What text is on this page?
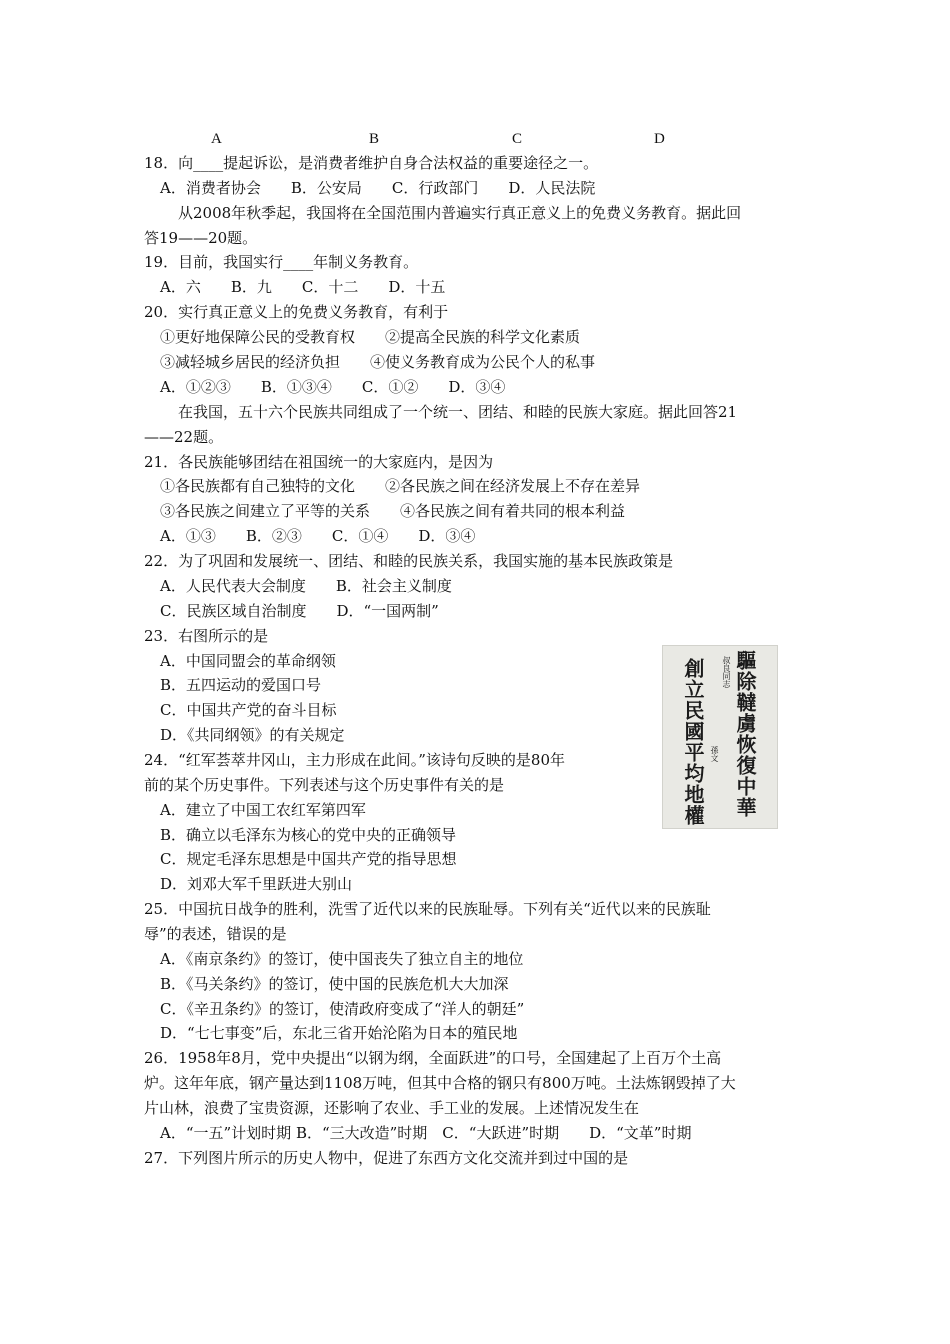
A

	B

	C

	D

18．向____提起诉讼，是消费者维护自身合法权益的重要途径之一。
A．消费者协会　　B．公安局　　C．行政部门　　D．人民法院
从2008年秋季起，我国将在全国范围内普遍实行真正意义上的免费义务教育。据此回
答19——20题。
19．目前，我国实行____年制义务教育。
A．六　　B．九　　C．十二　　D．十五
20．实行真正意义上的免费义务教育，有利于
①更好地保障公民的受教育权　　②提高全民族的科学文化素质
③减轻城乡居民的经济负担　　④使义务教育成为公民个人的私事
A．①②③　　B．①③④　　C．①②　　D．③④
在我国，五十六个民族共同组成了一个统一、团结、和睦的民族大家庭。据此回答21
——22题。
21．各民族能够团结在祖国统一的大家庭内，是因为
①各民族都有自己独特的文化　　②各民族之间在经济发展上不存在差异
③各民族之间建立了平等的关系　　④各民族之间有着共同的根本利益
A．①③　　B．②③　　C．①④　　D．③④
22．为了巩固和发展统一、团结、和睦的民族关系，我国实施的基本民族政策是
A．人民代表大会制度　　B．社会主义制度
C．民族区域自治制度　　D．“一国两制”
23．右图所示的是
A．中国同盟会的革命纲领
B．五四运动的爱国口号
C．中国共产党的奋斗目标
D．《共同纲领》的有关规定
24．“红军荟萃井冈山，主力形成在此间。”该诗句反映的是80年
前的某个历史事件。下列表述与这个历史事件有关的是
A．建立了中国工农红军第四军
B．确立以毛泽东为核心的党中央的正确领导
C．规定毛泽东思想是中国共产党的指导思想
D．刘邓大军千里跃进大别山
25．中国抗日战争的胜利，洗雪了近代以来的民族耻辱。下列有关“近代以来的民族耻
辱”的表述，错误的是
A．《南京条约》的签订，使中国丧失了独立自主的地位
B．《马关条约》的签订，使中国的民族危机大大加深
C．《辛丑条约》的签订，使清政府变成了“洋人的朝廷”
D．“七七事变”后，东北三省开始沦陷为日本的殖民地
26．1958年8月，党中央提出“以钢为纲，全面跃进”的口号，全国建起了上百万个土高
炉。这年年底，钢产量达到1108万吨，但其中合格的钢只有800万吨。土法炼钢毁掉了大
片山林，浪费了宝贵资源，还影响了农业、手工业的发展。上述情况发生在
A．“一五”计划时期 B．“三大改造”时期　C．“大跃进”时期　　D．“文革”时期
27．下列图片所示的历史人物中，促进了东西方文化交流并到过中国的是
驅除韃虜恢復中華
叔良同志
創立民國平均地權 孫文
